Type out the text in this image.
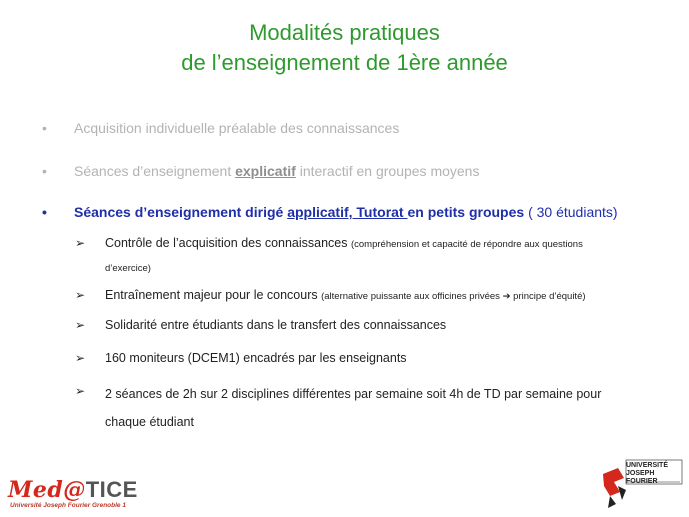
Modalités pratiques
de l’enseignement de 1ère année
•	Acquisition individuelle préalable des connaissances
•	Séances d’enseignement explicatif interactif en groupes moyens
•	Séances d’enseignement dirigé applicatif, Tutorat en petits groupes ( 30 étudiants)
➢	Contrôle de l’acquisition des connaissances (compréhension et capacité de répondre aux questions
d’exercice)
➢	Entraînement majeur pour le concours (alternative puissante aux officines privées ➔ principe d’équité)
➢	Solidarité entre étudiants dans le transfert des connaissances
➢	160 moniteurs (DCEM1) encadrés par les enseignants
➢	2 séances de 2h sur 2 disciplines différentes par semaine soit 4h de TD par semaine pour
chaque étudiant
Med@TICE
Université Joseph Fourier Grenoble 1
UNIVERSITÉ
JOSEPH FOURIER
